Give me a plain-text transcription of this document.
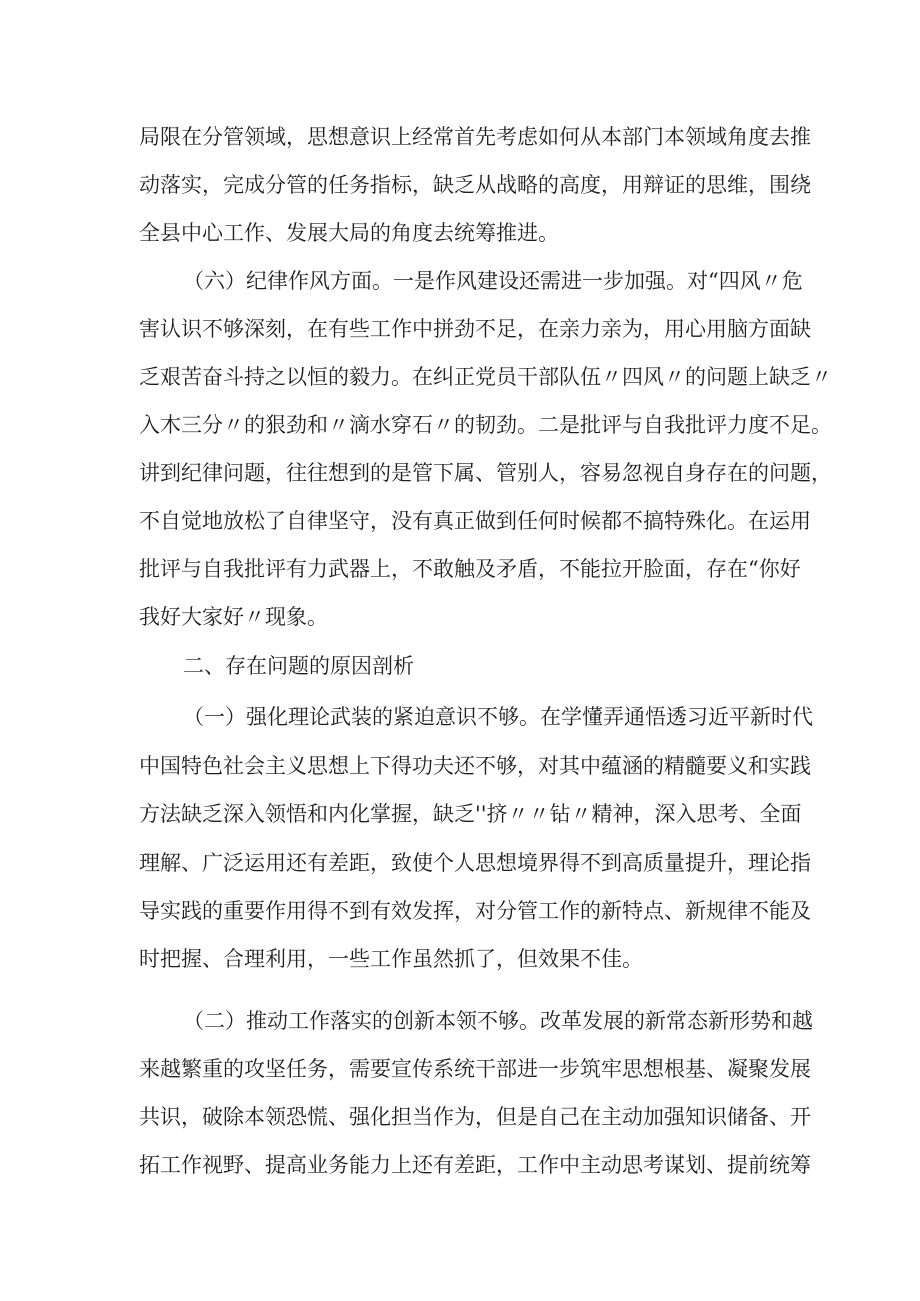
局限在分管领域，思想意识上经常首先考虑如何从本部门本领域角度去推

动落实，完成分管的任务指标，缺乏从战略的高度，用辩证的思维，围绕

全县中心工作、发展大局的角度去统筹推进。

（六）纪律作风方面。一是作风建设还需进一步加强。对“四风〃危

害认识不够深刻，在有些工作中拼劲不足，在亲力亲为，用心用脑方面缺

乏艰苦奋斗持之以恒的毅力。在纠正党员干部队伍〃四风〃的问题上缺乏〃

入木三分〃的狠劲和〃滴水穿石〃的韧劲。二是批评与自我批评力度不足。

讲到纪律问题，往往想到的是管下属、管别人，容易忽视自身存在的问题，

不自觉地放松了自律坚守，没有真正做到任何时候都不搞特殊化。在运用

批评与自我批评有力武器上，不敢触及矛盾，不能拉开脸面，存在“你好

我好大家好〃现象。

二、存在问题的原因剖析

（一）强化理论武装的紧迫意识不够。在学懂弄通悟透习近平新时代

中国特色社会主义思想上下得功夫还不够，对其中蕴涵的精髓要义和实践

方法缺乏深入领悟和内化掌握，缺乏''挤〃〃钻〃精神，深入思考、全面

理解、广泛运用还有差距，致使个人思想境界得不到高质量提升，理论指

导实践的重要作用得不到有效发挥，对分管工作的新特点、新规律不能及

时把握、合理利用，一些工作虽然抓了，但效果不佳。

（二）推动工作落实的创新本领不够。改革发展的新常态新形势和越

来越繁重的攻坚任务，需要宣传系统干部进一步筑牢思想根基、凝聚发展

共识，破除本领恐慌、强化担当作为，但是自己在主动加强知识储备、开

拓工作视野、提高业务能力上还有差距，工作中主动思考谋划、提前统筹
